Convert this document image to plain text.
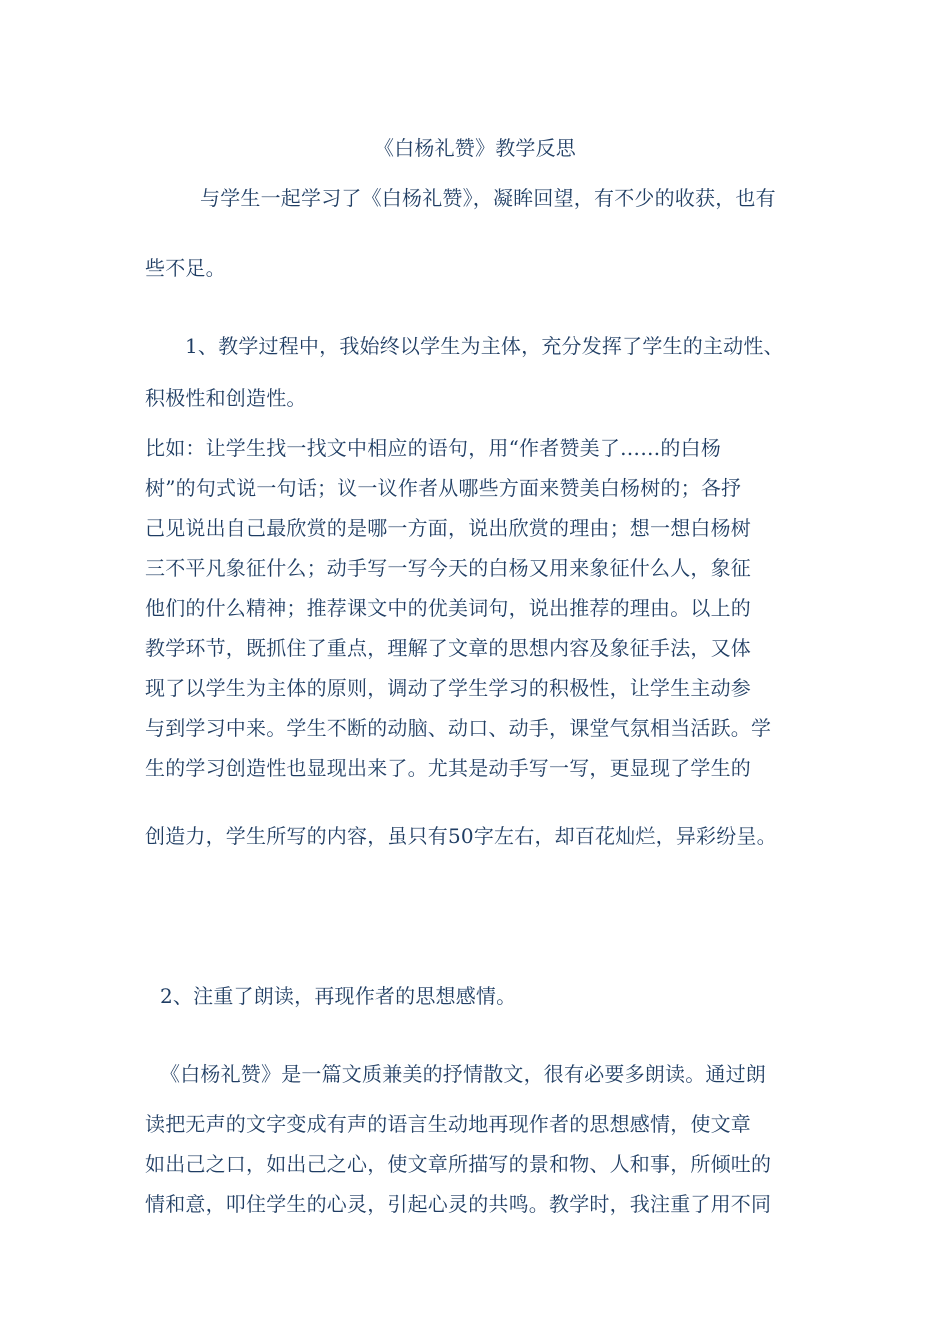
《白杨礼赞》教学反思
与学生一起学习了《白杨礼赞》，凝眸回望，有不少的收获，也有
些不足。
1、教学过程中，我始终以学生为主体，充分发挥了学生的主动性、
积极性和创造性。
比如：让学生找一找文中相应的语句，用“作者赞美了……的白杨
树”的句式说一句话；议一议作者从哪些方面来赞美白杨树的；各抒
己见说出自己最欣赏的是哪一方面，说出欣赏的理由；想一想白杨树
三不平凡象征什么；动手写一写今天的白杨又用来象征什么人，象征
他们的什么精神；推荐课文中的优美词句，说出推荐的理由。以上的
教学环节，既抓住了重点，理解了文章的思想内容及象征手法，又体
现了以学生为主体的原则，调动了学生学习的积极性，让学生主动参
与到学习中来。学生不断的动脑、动口、动手，课堂气氛相当活跃。学
生的学习创造性也显现出来了。尤其是动手写一写，更显现了学生的
创造力，学生所写的内容，虽只有50字左右，却百花灿烂，异彩纷呈。
2、注重了朗读，再现作者的思想感情。
《白杨礼赞》是一篇文质兼美的抒情散文，很有必要多朗读。通过朗
读把无声的文字变成有声的语言生动地再现作者的思想感情，使文章
如出己之口，如出己之心，使文章所描写的景和物、人和事，所倾吐的
情和意，叩住学生的心灵，引起心灵的共鸣。教学时，我注重了用不同
